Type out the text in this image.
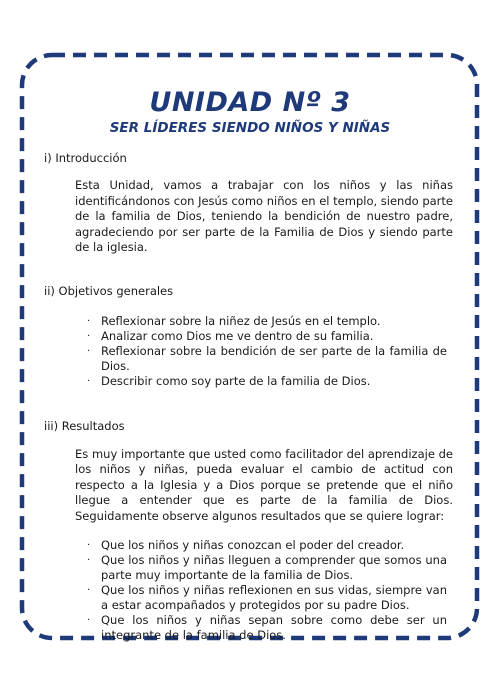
UNIDAD Nº 3
SER LÍDERES SIENDO NIÑOS Y NIÑAS
i) Introducción
Esta Unidad, vamos a trabajar con los niños y las niñas identificándonos con Jesús como niños en el templo, siendo parte de la familia de Dios, teniendo la bendición de nuestro padre, agradeciendo por ser parte de la Familia de Dios y siendo parte de la iglesia.
ii) Objetivos generales
· Reflexionar sobre la niñez de Jesús en el templo.
· Analizar como Dios me ve dentro de su familia.
· Reflexionar sobre la bendición de ser parte de la familia de Dios.
· Describir como soy parte de la familia de Dios.
iii) Resultados
Es muy importante que usted como facilitador del aprendizaje de los niños y niñas, pueda evaluar el cambio de actitud con respecto a la Iglesia y a Dios porque se pretende que el niño llegue a entender que es parte de la familia de Dios. Seguidamente observe algunos resultados que se quiere lograr:
· Que los niños y niñas conozcan el poder del creador.
· Que los niños y niñas lleguen a comprender que somos una parte muy importante de la familia de Dios.
· Que los niños y niñas reflexionen en sus vidas, siempre van a estar acompañados y protegidos por su padre Dios.
· Que los niños y niñas sepan sobre como debe ser un integrante de la familia de Dios.
